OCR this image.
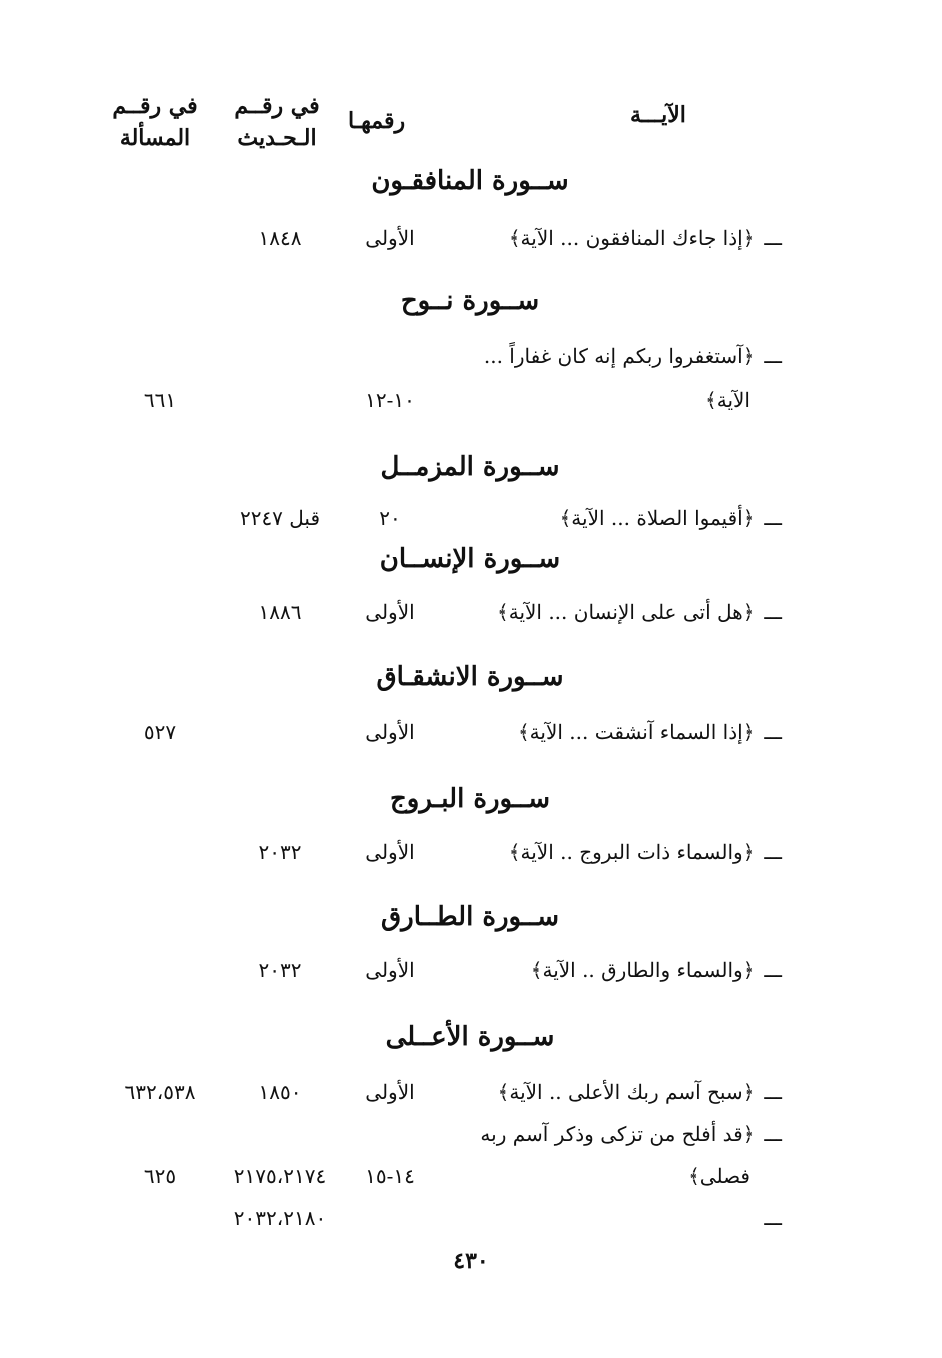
الآيـــة
رقمهـا
في رقــم
الـحـديث
في رقــم
المسألة
ســورة المنافقـون
ـــ﴿إذا جاءك المنافقون ... الآية﴾
الأولى
١٨٤٨
ســورة نــوح
ـــ﴿آستغفروا ربكم إنه كان غفاراً ...
الآية﴾
١٠-١٢
٦٦١
ســورة المزمــل
ـــ﴿أقيموا الصلاة ... الآية﴾
٢٠
قبل ٢٢٤٧
ســورة الإنســان
ـــ﴿هل أتى على الإنسان ... الآية﴾
الأولى
١٨٨٦
ســورة الانشقـاق
ـــ﴿إذا السماء آنشقت ... الآية﴾
الأولى
٥٢٧
ســورة البـروج
ـــ﴿والسماء ذات البروج .. الآية﴾
الأولى
٢٠٣٢
ســورة الطــارق
ـــ﴿والسماء والطارق .. الآية﴾
الأولى
٢٠٣٢
ســورة الأعــلى
ـــ﴿سبح آسم ربك الأعلى .. الآية﴾
الأولى
١٨٥٠
٦٣٢،٥٣٨
ـــ﴿قد أفلح من تزكى وذكر آسم ربه
فصلى﴾
١٤-١٥
٢١٧٥،٢١٧٤
٦٢٥
ـــ
٢٠٣٢،٢١٨٠
٤٣٠
